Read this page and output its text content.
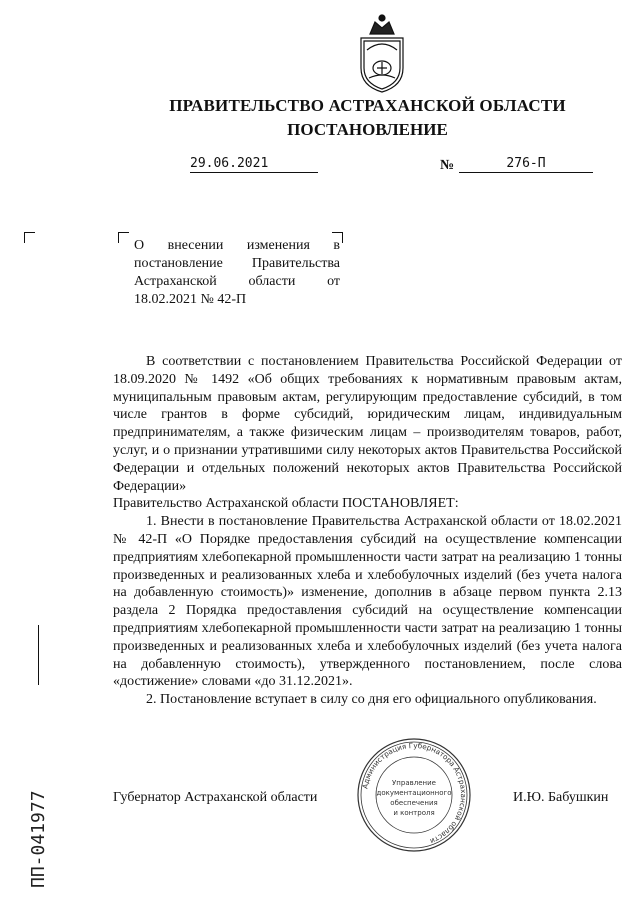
ПРАВИТЕЛЬСТВО АСТРАХАНСКОЙ ОБЛАСТИ
ПОСТАНОВЛЕНИЕ
29.06.2021	№	276-П
О внесении изменения в постановление Правительства Астраханской области от 18.02.2021 № 42-П

В соответствии с постановлением Правительства Российской Федерации от 18.09.2020 № 1492 «Об общих требованиях к нормативным правовым актам, муниципальным правовым актам, регулирующим предоставление субсидий, в том числе грантов в форме субсидий, юридическим лицам, индивидуальным предпринимателям, а также физическим лицам – производителям товаров, работ, услуг, и о признании утратившими силу некоторых актов Правительства Российской Федерации и отдельных положений некоторых актов Правительства Российской Федерации»

Правительство Астраханской области ПОСТАНОВЛЯЕТ:

1. Внести в постановление Правительства Астраханской области от 18.02.2021 № 42-П «О Порядке предоставления субсидий на осуществление компенсации предприятиям хлебопекарной промышленности части затрат на реализацию 1 тонны произведенных и реализованных хлеба и хлебобулочных изделий (без учета налога на добавленную стоимость)» изменение, дополнив в абзаце первом пункта 2.13 раздела 2 Порядка предоставления субсидий на осуществление компенсации предприятиям хлебопекарной промышленности части затрат на реализацию 1 тонны произведенных и реализованных хлеба и хлебобулочных изделий (без учета налога на добавленную стоимость), утвержденного постановлением, после слова «достижение» словами «до 31.12.2021».

2. Постановление вступает в силу со дня его официального опубликования.

Губернатор Астраханской области	И.Ю. Бабушкин
Администрация Губернатора Астраханской области
Управление
документационного
обеспечения
и контроля
ПП-041977
